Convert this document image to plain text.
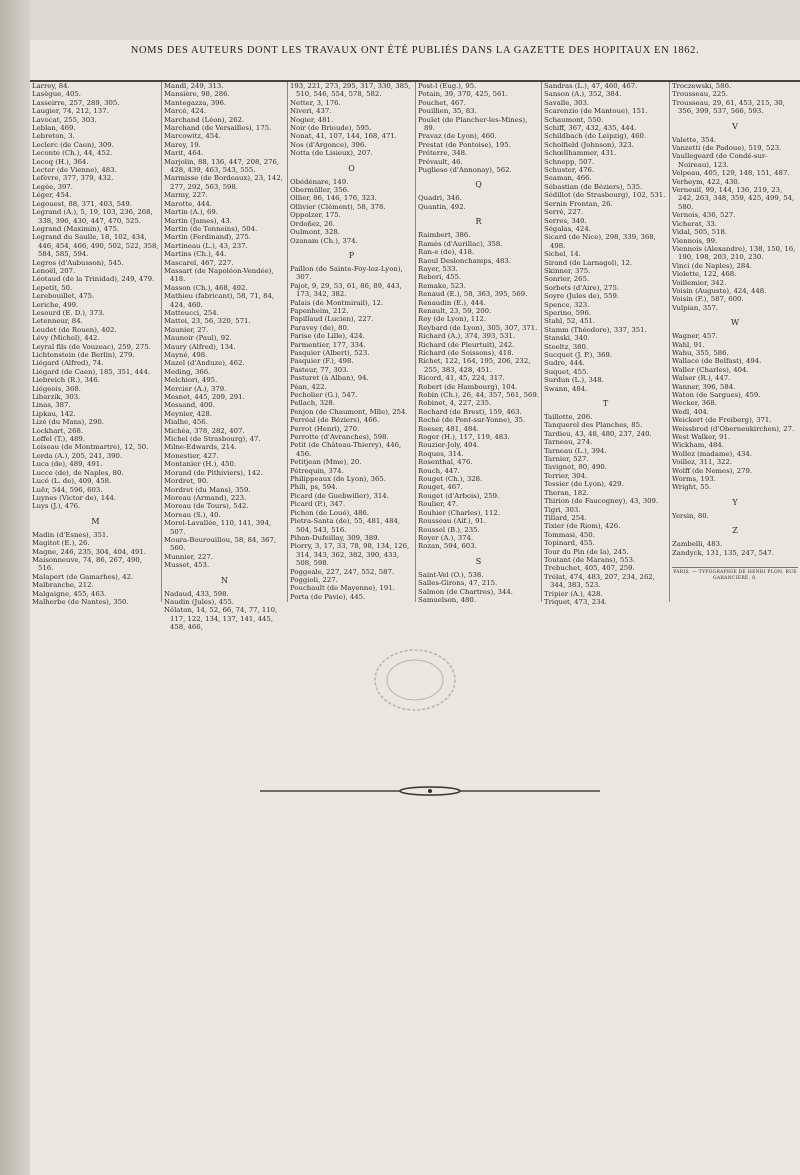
NOMS DES AUTEURS DONT LES TRAVAUX ONT ÉTÉ PUBLIÉS DANS LA GAZETTE DES HOPITAUX EN 1862.
Larrey, 84.
Lasègue, 405.
Lasseirre, 257, 289, 305.
Laugier, 74, 212, 137.
Lavocat, 255, 303.
Leblan, 469.
Lebreton, 3.
Leclerc (de Caen), 309.
Leconte (Ch.), 44, 452.
Lecoq (H.), 364.
Lecter (de Vienne), 483.
Lefèvre, 377, 379, 432.
Legée, 397.
Léger, 454.
Legouest, 88, 371, 403, 549.
Legrand (A.), 5, 19, 103, 236, 268, 338, 396, 430, 447, 470, 525.
Legrand (Maximin), 475.
Legrand du Saulle, 18, 102, 434, 446, 454, 466, 490, 502, 522, 358, 584, 585, 594.
Legros (d'Aubusson), 545.
Lenoël, 207.
Léotaud (de la Trinidad), 249, 479.
Lepetit, 50.
Lerebouillet, 475.
Leriche, 499.
Lesourd (E. D.), 373.
Letenneur, 84.
Leudet (de Rouen), 402.
Lévy (Michel), 442.
Leyral fils (de Vouzeac), 259, 275.
Lichtenstein (de Berlin), 279.
Liégard (Alfred), 74.
Liégard (de Caen), 185, 351, 444.
Liebreich (R.), 346.
Liégeois, 368.
Libarzik, 303.
Linas, 387.
Lipkau, 142.
Lizé (du Mans), 290.
Lockhart, 268.
Loffel (T.), 489.
Loiseau (de Montmartre), 12, 50.
Lorda (A.), 205, 241, 390.
Luca (de), 489, 491.
Lucce (de), de Naples, 80.
Lucé (L. de), 409, 458.
Luër, 544, 596, 603.
Luynes (Victor de), 144.
Luys (J.), 476.
M
Madin (d'Esnes), 351.
Magitot (E.), 26.
Magne, 246, 235, 304, 404, 491.
Maisonneuve, 74, 86, 267, 490, 516.
Malapert (de Gamarhes), 42.
Malbranche, 212.
Malgaigne, 455, 463.
Malherbe (de Nantes), 350.
Mandl, 249, 313.
Mansière, 98, 286.
Mantegazza, 396.
Marcé, 424.
Marchand (Léon), 262.
Marchand (de Versailles), 175.
Marcowitz, 454.
Marey, 19.
Marit, 464.
Marjolin, 88, 136, 447, 208, 276, 428, 439, 463, 543, 555.
Marmisse (de Bordeaux), 23, 142, 277, 292, 563, 598.
Marmy, 227.
Marotte, 444.
Martin (A.), 69.
Martin (James), 43.
Martin (de Tonneins), 504.
Martin (Ferdinand), 275.
Martineau (L.), 43, 237.
Martins (Ch.), 44.
Mascarel, 467, 227.
Massart (de Napoléon-Vendée), 418.
Masson (Ch.), 468, 492.
Mathieu (fabricant), 58, 71, 84, 424, 460.
Matteucci, 254.
Mattei, 23, 56, 320, 571.
Maunier, 27.
Maunoir (Paul), 92.
Maury (Alfred), 134.
Mayné, 498.
Mazel (d'Anduze), 462.
Meding, 366.
Melchiori, 495.
Mercier (A.), 379.
Mesnet, 445, 209, 291.
Messand, 400.
Meynier, 428.
Mialhe, 456.
Michéa, 378, 282, 407.
Michel (de Strasbourg), 47.
Milne-Edwards, 214.
Monestier, 427.
Montanier (H.), 450.
Morand (de Pithiviers), 142.
Mordret, 90.
Mordret (du Mans), 359.
Moreau (Armand), 223.
Moreau (de Tours), 542.
Moreau (S.), 40.
Morel-Lavallée, 110, 141, 394, 507.
Moura-Bourouillou, 58, 84, 367, 560.
Munnier, 227.
Musset, 453.
N
Nadaud, 433, 598.
Naudin (Jules), 455.
Nélaton, 14, 52, 66, 74, 77, 110, 117, 122, 134, 137, 141, 445, 458, 466,
193, 221, 273, 295, 317, 330, 385, 510, 546, 554, 578, 582.
Netter, 3, 176.
Niveri, 437.
Nogier, 481.
Noir (de Brioude), 595.
Nonat, 41, 107, 144, 168, 471.
Nos (d'Argonce), 396.
Notta (de Lisieux), 207.
O
Obédénare, 149.
Obermüller, 356.
Ollier, 86, 146, 176, 323.
Ollivier (Clément), 58, 378.
Oppolzer, 175.
Ordoñez, 26.
Oulmont, 328.
Ozanam (Ch.), 374.
P
Paillon (de Sainte-Foy-lez-Lyon), 307.
Pajot, 9, 29, 53, 61, 86, 89, 443, 173, 342, 382.
Palais (de Montmirail), 12.
Papenheim, 212.
Papillaud (Lucien), 227.
Paravey (de), 80.
Parise (de Lille), 424.
Parmentier, 177, 334.
Pasquier (Albert), 523.
Pasquier (F.), 498.
Pasteur, 77, 303.
Pasturet (à Alban), 94.
Péan, 422.
Pecholier (G.), 547.
Pellach, 328.
Penjon (de Chaumont, Mlle), 254.
Perréal (de Béziers), 466.
Perrot (Henri), 270.
Perrotte (d'Avranches), 598.
Petit (de Château-Thierry), 446, 456.
Petitjean (Mme), 20.
Pétrequin, 374.
Philippeaux (de Lyon), 365.
Phili, ps, 594.
Picard (de Guebwiller), 314.
Picard (P.), 347.
Pichon (de Loué), 486.
Pietra-Santa (de), 55, 481, 484, 504, 543, 516.
Pihan-Dufeillay, 309, 389.
Piorry, 3, 17, 33, 78, 98, 134, 126, 314, 343, 362, 382, 390, 433, 508, 598.
Poggeale, 227, 247, 552, 587.
Poggioli, 227.
Pouchault (de Mayenne), 191.
Porta (de Pavie), 445.
Post-l (Eug.), 95.
Potain, 39, 370, 425, 561.
Pouchet, 467.
Pouillien, 35, 83.
Poulet (de Plancher-les-Mines), 89.
Pravaz (de Lyon), 460.
Prestat (de Pontoise), 195.
Préterre, 348.
Prévault, 46.
Puglieso (d'Annonay), 562.
Q
Quadri, 346.
Quantin, 492.
R
Raimbert, 386.
Ramès (d'Aurillac), 358.
Ran-e (de), 418.
Raoul Deslonchamps, 483.
Rayer, 533.
Rebori, 455.
Remake, 523.
Renaud (E.), 58, 363, 395, 569.
Renaudin (E.), 444.
Renault, 23, 59, 200.
Rey (de Lyon), 112.
Reybard (de Lyon), 305, 307, 371.
Richard (A.), 374, 393, 531.
Richard (de Pleurtuit), 242.
Richard (de Soissons), 418.
Richet, 122, 164, 195, 206, 232, 255, 383, 428, 451.
Ricord, 41, 45, 224, 317.
Robert (de Hambourg), 104.
Robin (Ch.), 26, 44, 357, 561, 569.
Robinet, 4, 227, 235.
Rochard (de Brest), 159, 463.
Roché (de Pont-sur-Yonne), 35.
Roeser, 481, 484.
Roger (H.), 117, 119, 483.
Rouzier-Joly, 404.
Roques, 314.
Rosenthal, 476.
Rouch, 447.
Rouget (Ch.), 328.
Rouget, 467.
Rouget (d'Arbois), 259.
Roulier, 47.
Rouhier (Charles), 112.
Rousseau (Aif.), 91.
Roussel (B.), 235.
Royer (A.), 374.
Rozan, 594, 603.
S
Saint-Vel (O.), 538.
Salles-Girons, 47, 215.
Salmon (de Chartres), 344.
Samuelson, 480.
Sandras (L.), 47, 460, 467.
Sanson (A.), 352, 384.
Savalle, 303.
Scarenzio (de Mantoue), 151.
Schaumont, 550.
Schiff, 367, 432, 435, 444.
Schildbach (de Leipzig), 460.
Scholfield (Johnson), 323.
Schœllhammer, 431.
Schnepp, 507.
Schuster, 476.
Seaman, 466.
Sébastian (de Béziers), 535.
Sédillot (de Strasbourg), 102, 531.
Sernin Frontan, 26.
Serré, 227.
Serres, 340.
Ségalas, 424.
Sicard (de Nice), 298, 339, 368, 498.
Sichel, 14.
Sirand (de Larnagol), 12.
Skinner, 375.
Sonrier, 265.
Sorbets (d'Aire), 275.
Soyre (Jules de), 559.
Spence, 323.
Sperino, 596.
Stahl, 52, 451.
Stamm (Théodore), 337, 351.
Stanski, 340.
Stoeltz, 380.
Sucquet (J. P.), 369.
Sudre, 444.
Suquet, 455.
Surdun (L.), 348.
Swann, 484.
T
Taillotte, 206.
Tanquerel des Planches, 85.
Tardieu, 43, 48, 480, 237, 240.
Tarneau, 274.
Tarneau (L.), 394.
Tarnier, 527.
Tavignot, 80, 490.
Terrier, 304.
Tessier (de Lyon), 429.
Theran, 182.
Thirion (de Faucogney), 43, 309.
Tigri, 303.
Tillard, 254.
Tixier (de Riom), 426.
Tommasi, 450.
Topinard, 455.
Tour du Pin (de la), 245.
Toutant (de Marans), 553.
Trebuchet, 405, 407, 259.
Trélat, 474, 483, 207, 234, 262, 344, 383, 523.
Tripier (A.), 428.
Triquet, 473, 234.
Troczewski, 586.
Trousseau, 225.
Trousseau, 29, 61, 453, 215, 30, 356, 399, 537, 566, 593.
V
Valette, 354.
Vanzetti (de Padoue), 519, 523.
Vaullegeard (de Condé-sur-Noireau), 123.
Velpeau, 405, 129, 148, 151, 487.
Verheym, 422, 430.
Verneuil, 99, 144, 136, 219, 23, 242, 263, 348, 359, 425, 499, 54, 580.
Vernois, 436, 527.
Vicherat, 33.
Vidal, 505, 518.
Viennois, 99.
Viennois (Alexandre), 138, 150, 16, 190, 198, 203, 210, 230.
Vinci (de Naples), 284.
Violette, 122, 468.
Voillemier, 342.
Voisin (Auguste), 424, 448.
Voisin (F.), 587, 600.
Vulpian, 357.
W
Wagner, 457.
Wahl, 91.
Wahu, 355, 586.
Wallace (de Belfast), 494.
Waller (Charles), 404.
Walser (R.), 447.
Wanner, 396, 584.
Waton (de Sargues), 459.
Wecker, 368.
Wedl, 404.
Weickert (de Freiberg), 371.
Weissbrod (d'Oberneukirchen), 27.
West Walker, 91.
Wickham, 484.
Wollez (madame), 434.
Voillez, 311, 322.
Wolff (de Nemes), 279.
Worms, 193.
Wright, 55.
Y
Yersin, 80.
Z
Zambelli, 483.
Zandyck, 131, 135, 247, 547.
PARIS. — TYPOGRAPHIE DE HENRI PLON, RUE GARANCIÈRE, 8.
